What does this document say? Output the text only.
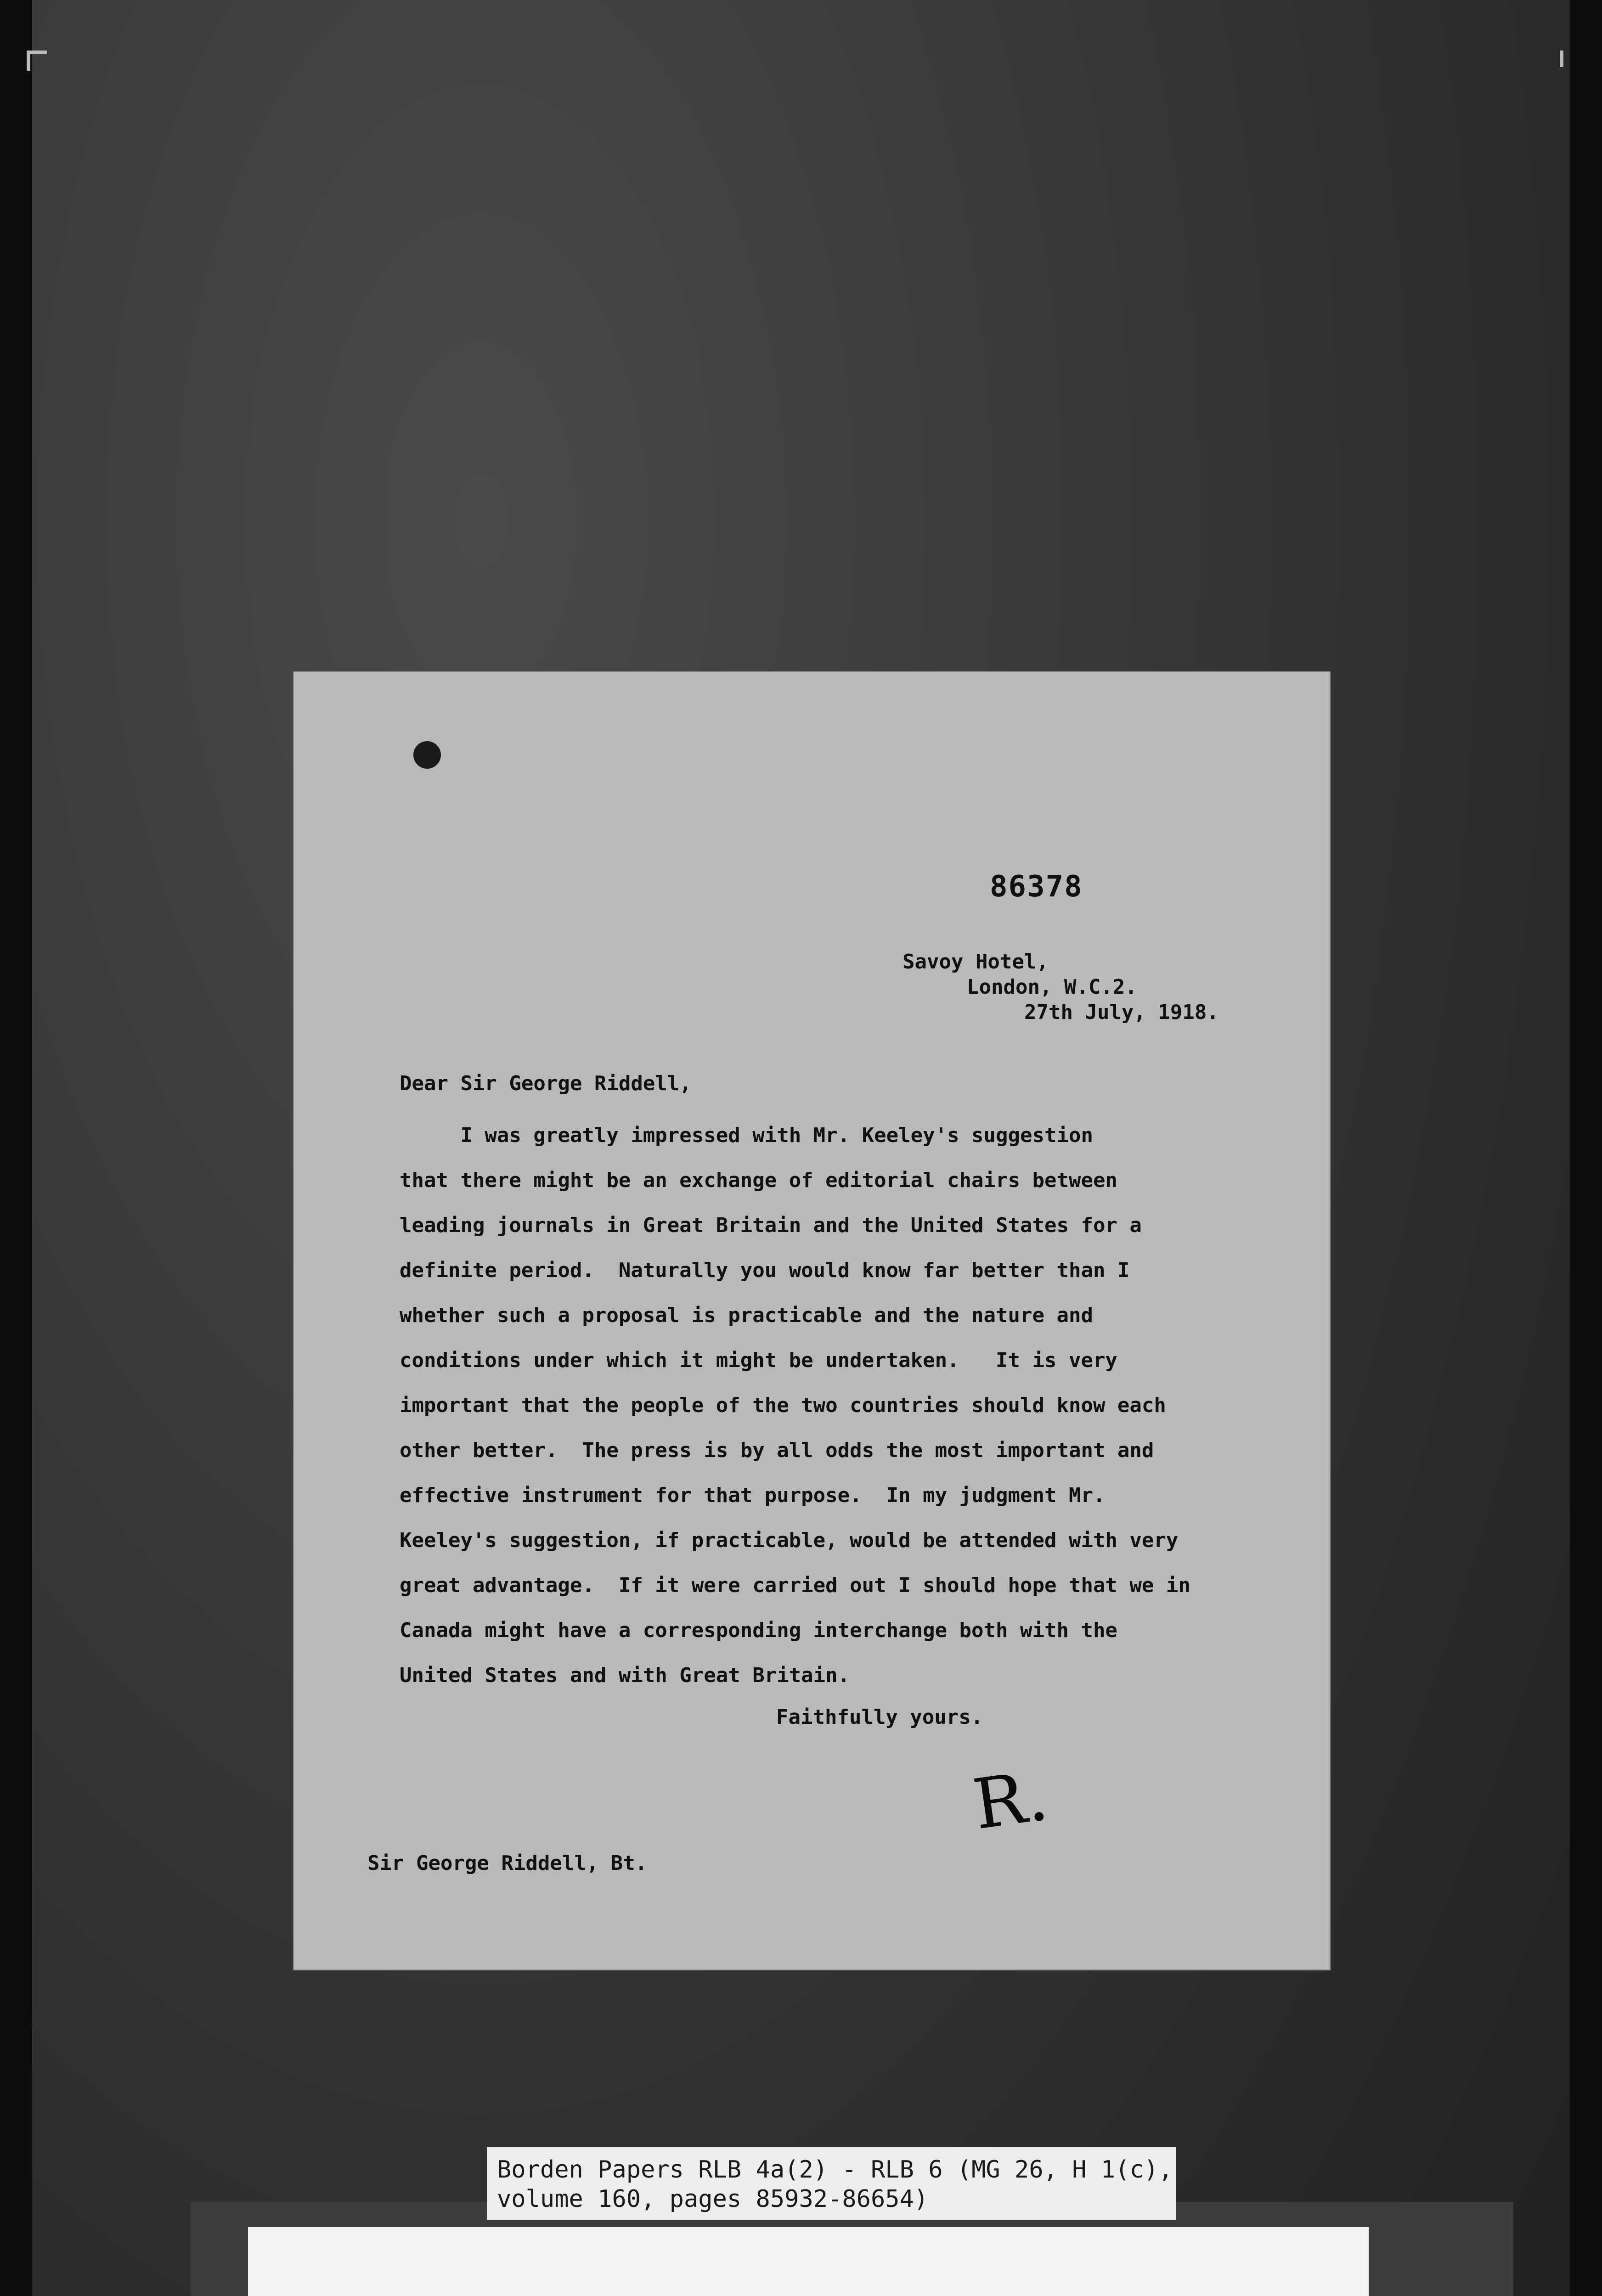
86378
Savoy Hotel,
London, W.C.2.
27th July, 1918.
Dear Sir George Riddell,
I was greatly impressed with Mr. Keeley's suggestion
that there might be an exchange of editorial chairs between
leading journals in Great Britain and the United States for a
definite period.  Naturally you would know far better than I
whether such a proposal is practicable and the nature and
conditions under which it might be undertaken.   It is very
important that the people of the two countries should know each
other better.  The press is by all odds the most important and
effective instrument for that purpose.  In my judgment Mr.
Keeley's suggestion, if practicable, would be attended with very
great advantage.  If it were carried out I should hope that we in
Canada might have a corresponding interchange both with the
United States and with Great Britain.
Faithfully yours.
R.
Sir George Riddell, Bt.
Borden Papers RLB 4a(2) - RLB 6 (MG 26, H 1(c),
volume 160, pages 85932-86654)
